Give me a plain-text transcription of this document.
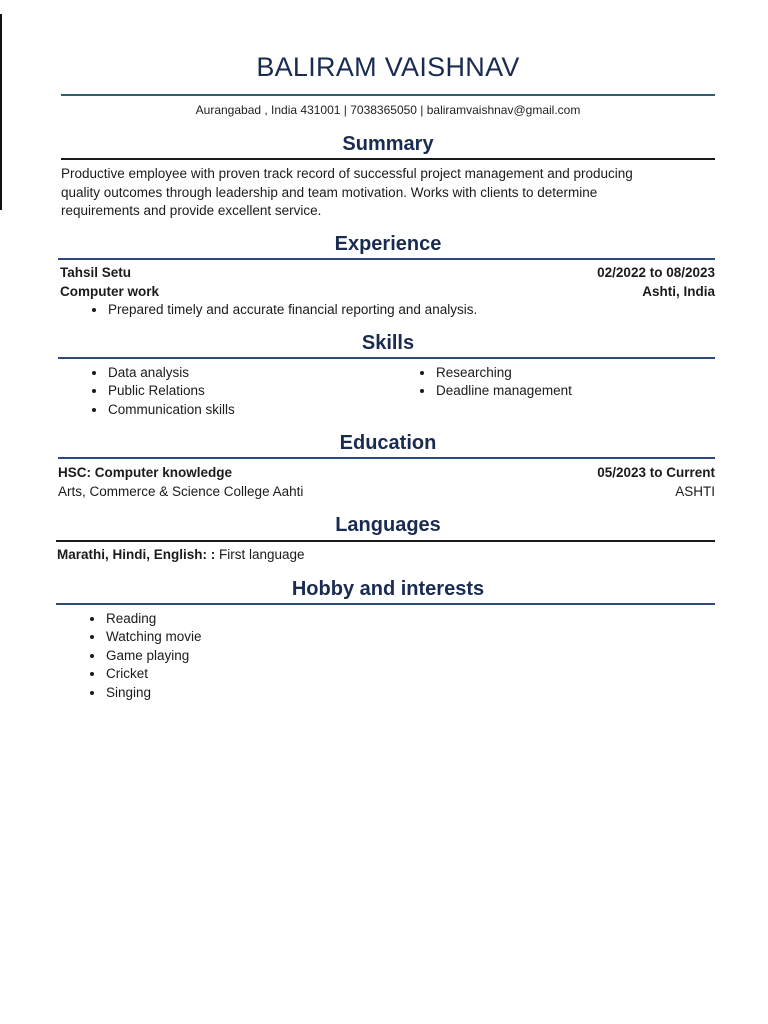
BALIRAM VAISHNAV
Aurangabad , India 431001 | 7038365050 | baliramvaishnav@gmail.com
Summary
Productive employee with proven track record of successful project management and producing
quality outcomes through leadership and team motivation. Works with clients to determine
requirements and provide excellent service.
Experience
Tahsil Setu	02/2022 to 08/2023
Computer work	Ashti, India
Prepared timely and accurate financial reporting and analysis.
Skills
Data analysis
Public Relations
Communication skills
Researching
Deadline management
Education
HSC: Computer knowledge	05/2023 to Current
Arts, Commerce & Science College Aahti	ASHTI
Languages
Marathi, Hindi, English: : First language
Hobby and interests
Reading
Watching movie
Game playing
Cricket
Singing
